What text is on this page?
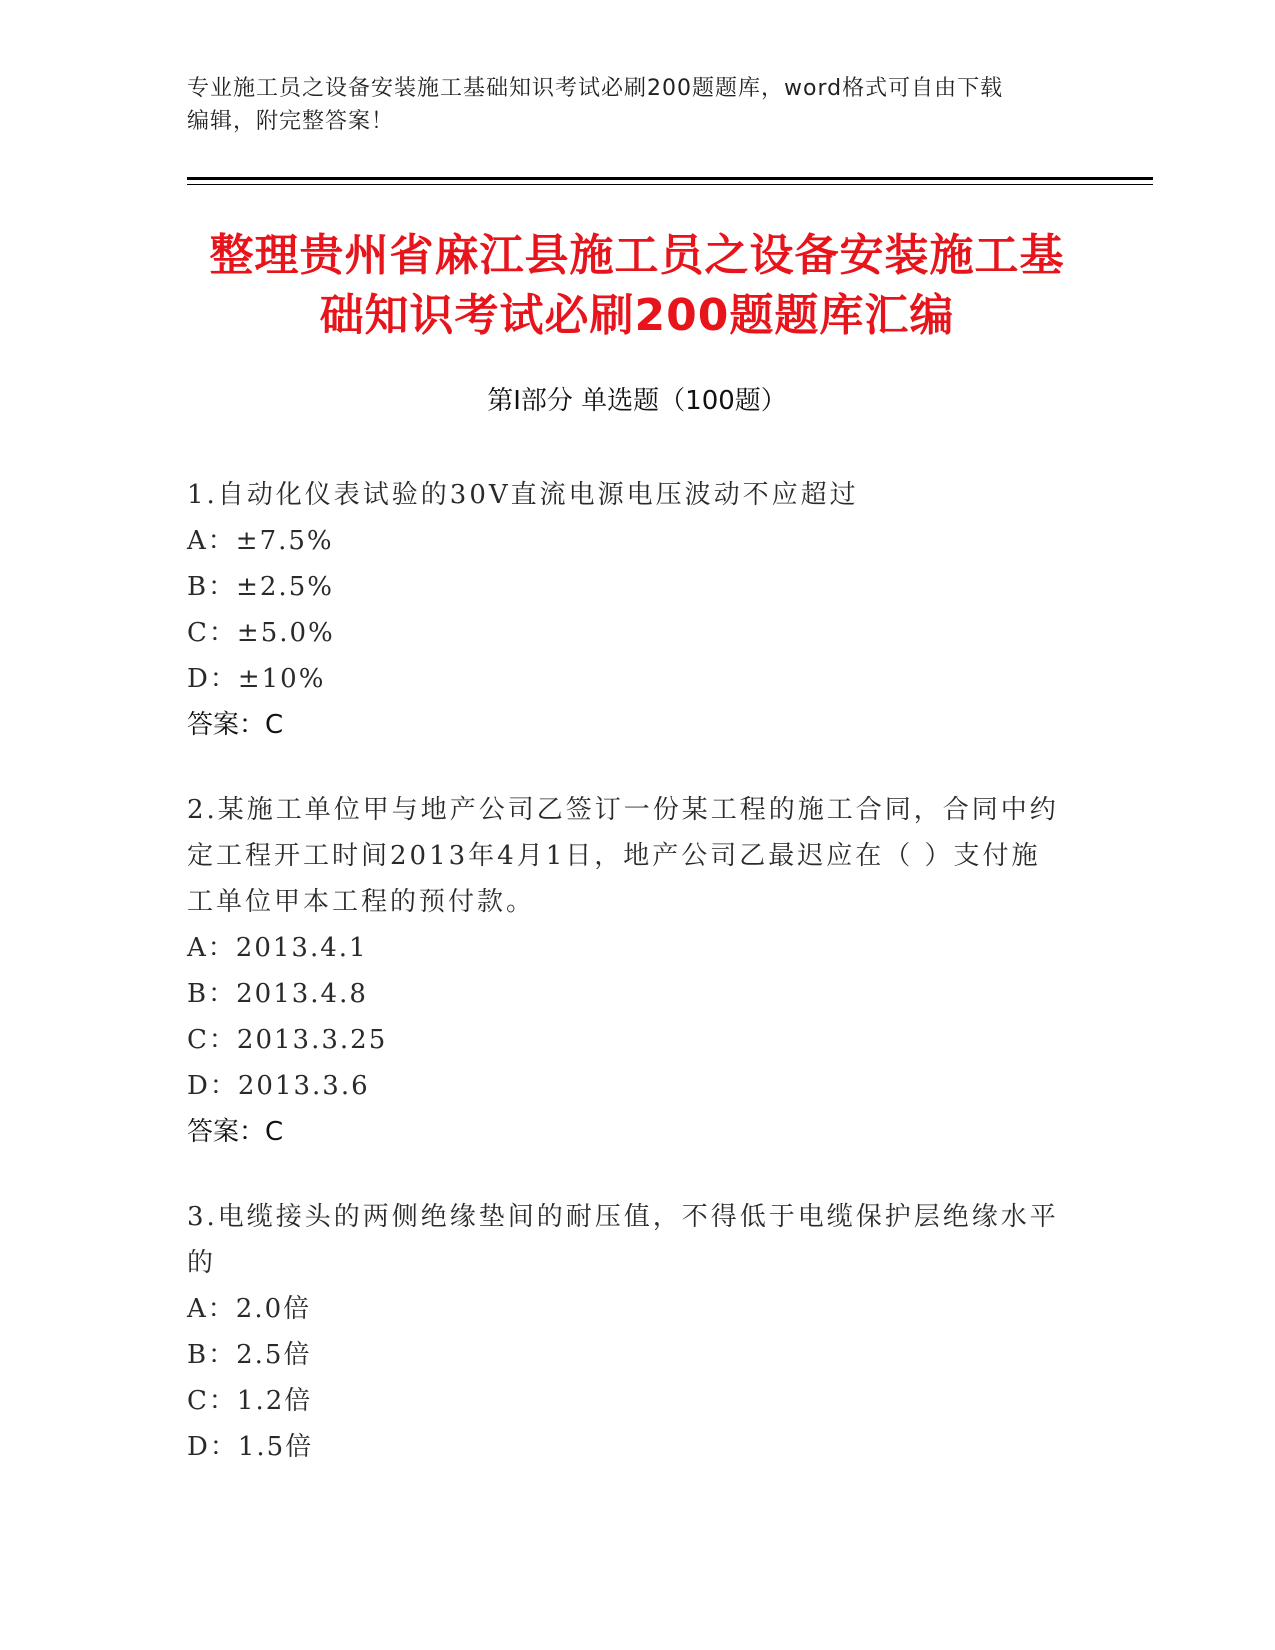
专业施工员之设备安装施工基础知识考试必刷200题题库，word格式可自由下载
编辑，附完整答案！
整理贵州省麻江县施工员之设备安装施工基
础知识考试必刷200题题库汇编
第Ⅰ部分 单选题（100题）

1.自动化仪表试验的30V直流电源电压波动不应超过

A： ±7.5%
B： ±2.5%
C： ±5.0%
D： ±10%
答案：C

2.某施工单位甲与地产公司乙签订一份某工程的施工合同，合同中约定工程开工时间2013年4月1日，地产公司乙最迟应在（ ）支付施工单位甲本工程的预付款。

A： 2013.4.1
B： 2013.4.8
C： 2013.3.25
D： 2013.3.6
答案：C

3.电缆接头的两侧绝缘垫间的耐压值，不得低于电缆保护层绝缘水平的

A： 2.0倍
B： 2.5倍
C： 1.2倍
D： 1.5倍
